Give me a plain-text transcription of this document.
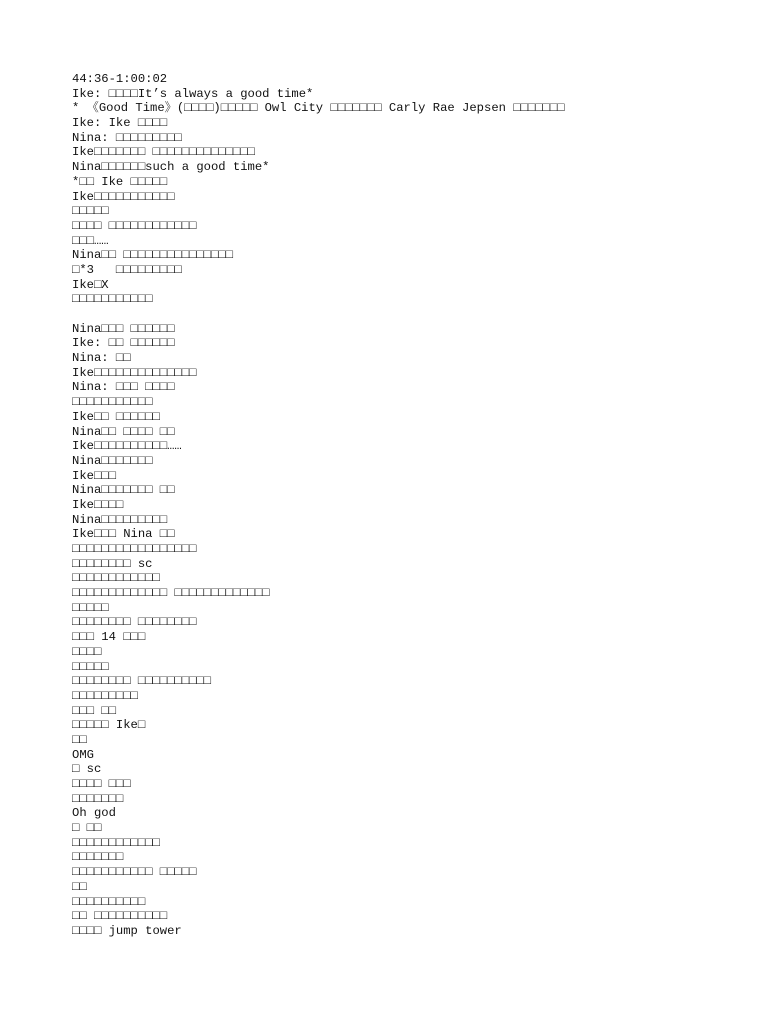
44:36-1:00:02
Ike: □□□□It’s always a good time*
* 《Good Time》(□□□□)□□□□□ Owl City □□□□□□□ Carly Rae Jepsen □□□□□□□
Ike: Ike □□□□
Nina: □□□□□□□□□
Ike□□□□□□□ □□□□□□□□□□□□□□
Nina□□□□□□such a good time*
*□□ Ike □□□□□
Ike□□□□□□□□□□□
□□□□□
□□□□ □□□□□□□□□□□□
□□□……
Nina□□ □□□□□□□□□□□□□□□
□*3   □□□□□□□□□
Ike□X
□□□□□□□□□□□
Nina□□□ □□□□□□
Ike: □□ □□□□□□
Nina: □□
Ike□□□□□□□□□□□□□□
Nina: □□□ □□□□
□□□□□□□□□□□
Ike□□ □□□□□□
Nina□□ □□□□ □□
Ike□□□□□□□□□□……
Nina□□□□□□□
Ike□□□
Nina□□□□□□□ □□
Ike□□□□
Nina□□□□□□□□□
Ike□□□ Nina □□
□□□□□□□□□□□□□□□□□
□□□□□□□□ sc
□□□□□□□□□□□□
□□□□□□□□□□□□□ □□□□□□□□□□□□□
□□□□□
□□□□□□□□ □□□□□□□□
□□□ 14 □□□
□□□□
□□□□□
□□□□□□□□ □□□□□□□□□□
□□□□□□□□□
□□□ □□
□□□□□ Ike□
□□
OMG
□ sc
□□□□ □□□
□□□□□□□
Oh god
□ □□
□□□□□□□□□□□□
□□□□□□□
□□□□□□□□□□□ □□□□□
□□
□□□□□□□□□□
□□ □□□□□□□□□□
□□□□ jump tower
